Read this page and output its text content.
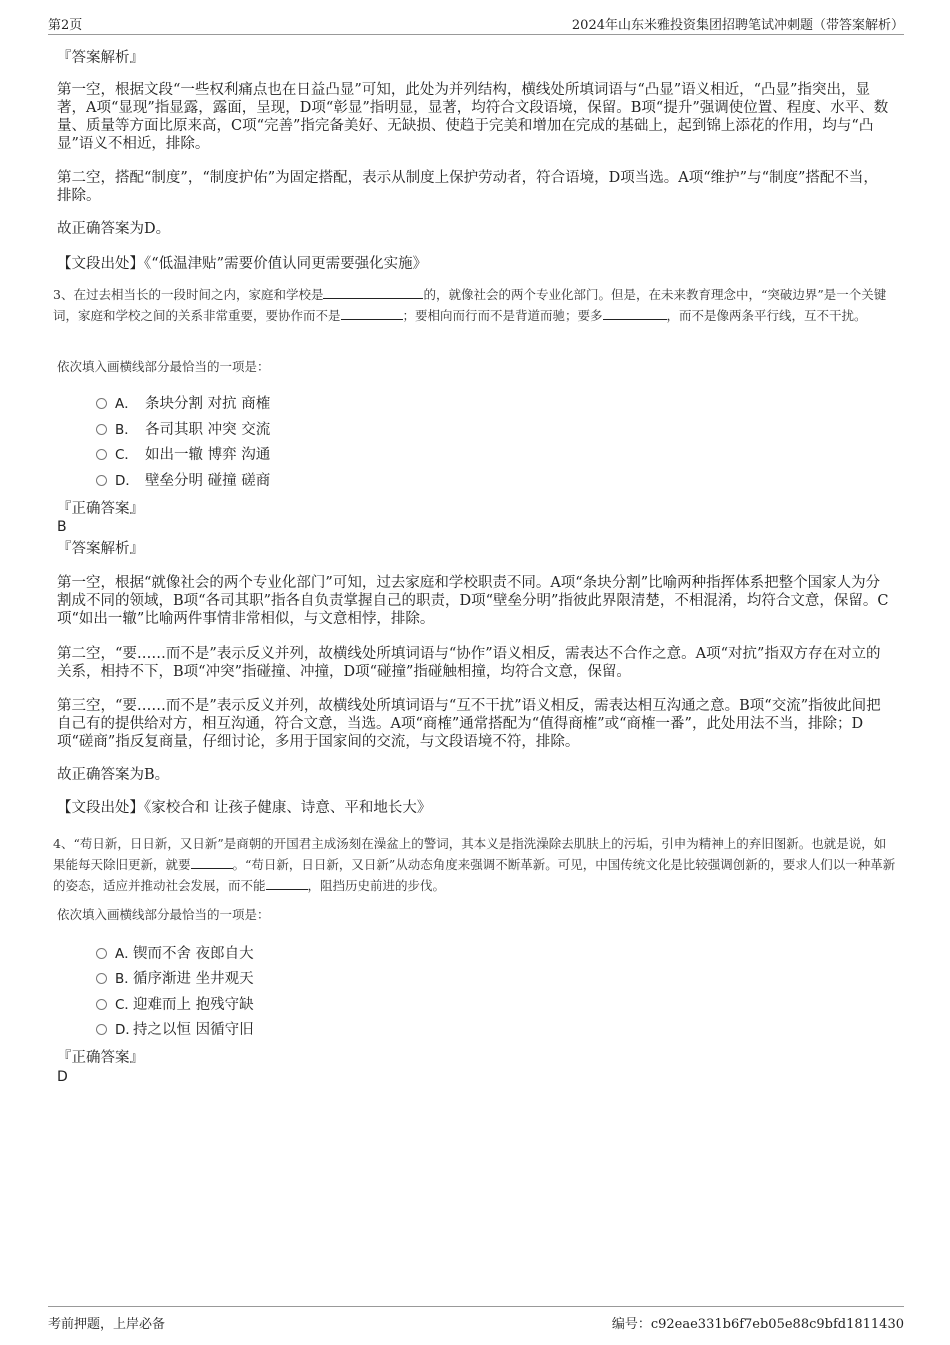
第2页	2024年山东米雅投资集团招聘笔试冲刺题（带答案解析）
『答案解析』

第一空，根据文段“一些权利痛点也在日益凸显”可知，此处为并列结构，横线处所填词语与“凸显”语义相近，“凸显”指突出，显著，A项“显现”指显露，露面，呈现，D项“彰显”指明显，显著，均符合文段语境，保留。B项“提升”强调使位置、程度、水平、数量、质量等方面比原来高，C项“完善”指完备美好、无缺损、使趋于完美和增加在完成的基础上，起到锦上添花的作用，均与“凸显”语义不相近，排除。

第二空，搭配“制度”，“制度护佑”为固定搭配，表示从制度上保护劳动者，符合语境，D项当选。A项“维护”与“制度”搭配不当，排除。

故正确答案为D。

【文段出处】《“低温津贴”需要价值认同更需要强化实施》

3、在过去相当长的一段时间之内，家庭和学校是	的，就像社会的两个专业化部门。但是，在未来教育理念中，“突破边界”是一个关键词，家庭和学校之间的关系非常重要，要协作而不是	；要相向而行而不是背道而驰；要多	，而不是像两条平行线，互不干扰。

依次填入画横线部分最恰当的一项是：

A． 条块分割 对抗 商榷
B． 各司其职 冲突 交流
C． 如出一辙 博弈 沟通
D． 壁垒分明 碰撞 磋商
『正确答案』
B
『答案解析』

第一空，根据“就像社会的两个专业化部门”可知，过去家庭和学校职责不同。A项“条块分割”比喻两种指挥体系把整个国家人为分割成不同的领域，B项“各司其职”指各自负责掌握自己的职责，D项“壁垒分明”指彼此界限清楚，不相混淆，均符合文意，保留。C项“如出一辙”比喻两件事情非常相似，与文意相悖，排除。

第二空，“要……而不是”表示反义并列，故横线处所填词语与“协作”语义相反，需表达不合作之意。A项“对抗”指双方存在对立的关系，相持不下，B项“冲突”指碰撞、冲撞，D项“碰撞”指碰触相撞，均符合文意，保留。

第三空，“要……而不是”表示反义并列，故横线处所填词语与“互不干扰”语义相反，需表达相互沟通之意。B项“交流”指彼此间把自己有的提供给对方，相互沟通，符合文意，当选。A项“商榷”通常搭配为“值得商榷”或“商榷一番”，此处用法不当，排除；D项“磋商”指反复商量，仔细讨论，多用于国家间的交流，与文段语境不符，排除。

故正确答案为B。

【文段出处】《家校合和 让孩子健康、诗意、平和地长大》

4、“苟日新，日日新，又日新”是商朝的开国君主成汤刻在澡盆上的警词，其本义是指洗澡除去肌肤上的污垢，引申为精神上的弃旧图新。也就是说，如果能每天除旧更新，就要	。“苟日新，日日新，又日新”从动态角度来强调不断革新。可见，中国传统文化是比较强调创新的，要求人们以一种革新的姿态，适应并推动社会发展，而不能	，阻挡历史前进的步伐。

依次填入画横线部分最恰当的一项是：

A．锲而不舍 夜郎自大
B．循序渐进 坐井观天
C．迎难而上 抱残守缺
D．持之以恒 因循守旧
『正确答案』
D
考前押题，上岸必备	编号：c92eae331b6f7eb05e88c9bfd1811430
